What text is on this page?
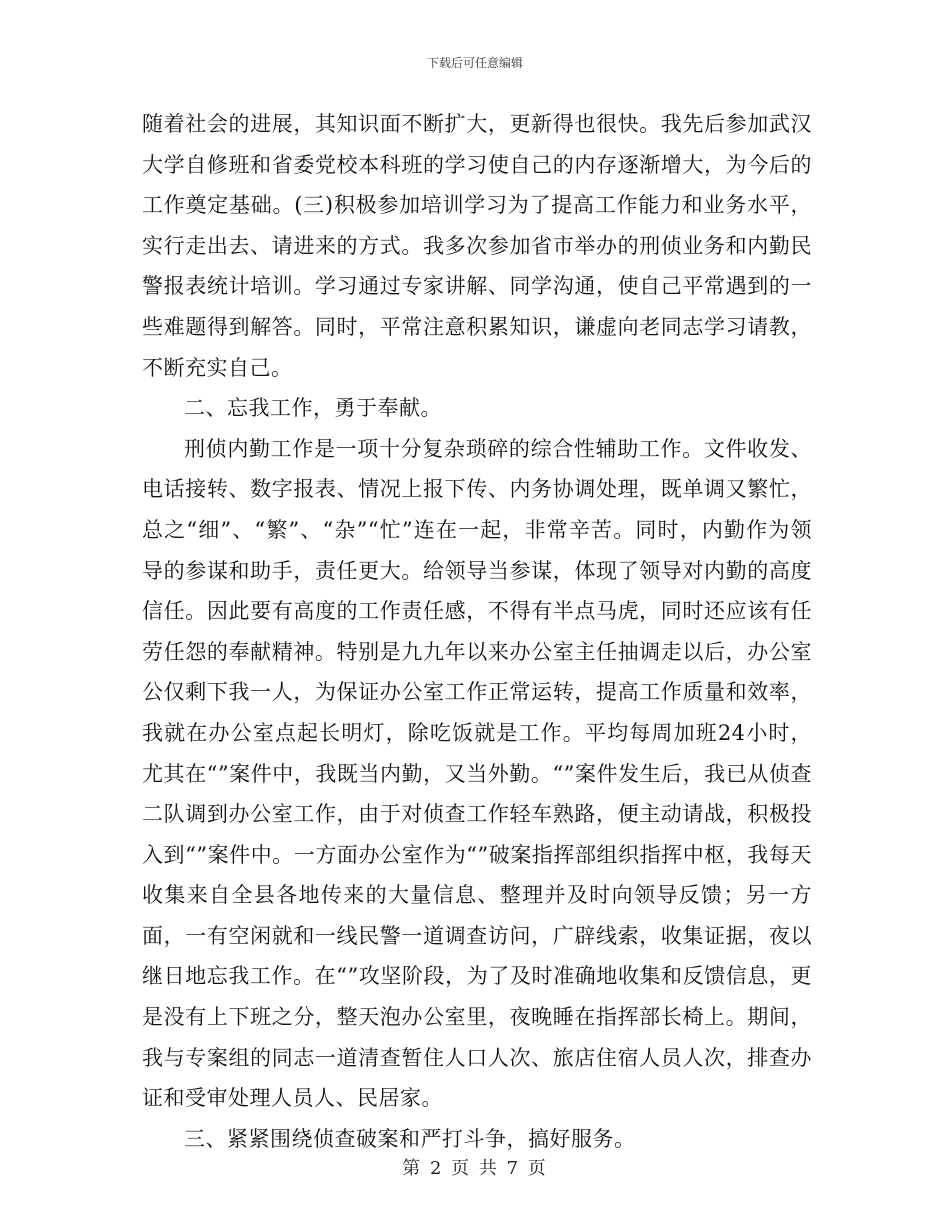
下载后可任意编辑

随着社会的进展，其知识面不断扩大，更新得也很快。我先后参加武汉大学自修班和省委党校本科班的学习使自己的内存逐渐增大，为今后的工作奠定基础。(三)积极参加培训学习为了提高工作能力和业务水平，实行走出去、请进来的方式。我多次参加省市举办的刑侦业务和内勤民警报表统计培训。学习通过专家讲解、同学沟通，使自己平常遇到的一些难题得到解答。同时，平常注意积累知识，谦虚向老同志学习请教，不断充实自己。

二、忘我工作，勇于奉献。

刑侦内勤工作是一项十分复杂琐碎的综合性辅助工作。文件收发、电话接转、数字报表、情况上报下传、内务协调处理，既单调又繁忙，总之“细”、“繁”、“杂”“忙”连在一起，非常辛苦。同时，内勤作为领导的参谋和助手，责任更大。给领导当参谋，体现了领导对内勤的高度信任。因此要有高度的工作责任感，不得有半点马虎，同时还应该有任劳任怨的奉献精神。特别是九九年以来办公室主任抽调走以后，办公室公仅剩下我一人，为保证办公室工作正常运转，提高工作质量和效率，我就在办公室点起长明灯，除吃饭就是工作。平均每周加班24小时，尤其在“”案件中，我既当内勤，又当外勤。“”案件发生后，我已从侦查二队调到办公室工作，由于对侦查工作轻车熟路，便主动请战，积极投入到“”案件中。一方面办公室作为“”破案指挥部组织指挥中枢，我每天收集来自全县各地传来的大量信息、整理并及时向领导反馈；另一方面，一有空闲就和一线民警一道调查访问，广辟线索，收集证据，夜以继日地忘我工作。在“”攻坚阶段，为了及时准确地收集和反馈信息，更是没有上下班之分，整天泡办公室里，夜晚睡在指挥部长椅上。期间，我与专案组的同志一道清查暂住人口人次、旅店住宿人员人次，排查办证和受审处理人员人、民居家。

三、紧紧围绕侦查破案和严打斗争，搞好服务。

第 2 页 共 7 页
